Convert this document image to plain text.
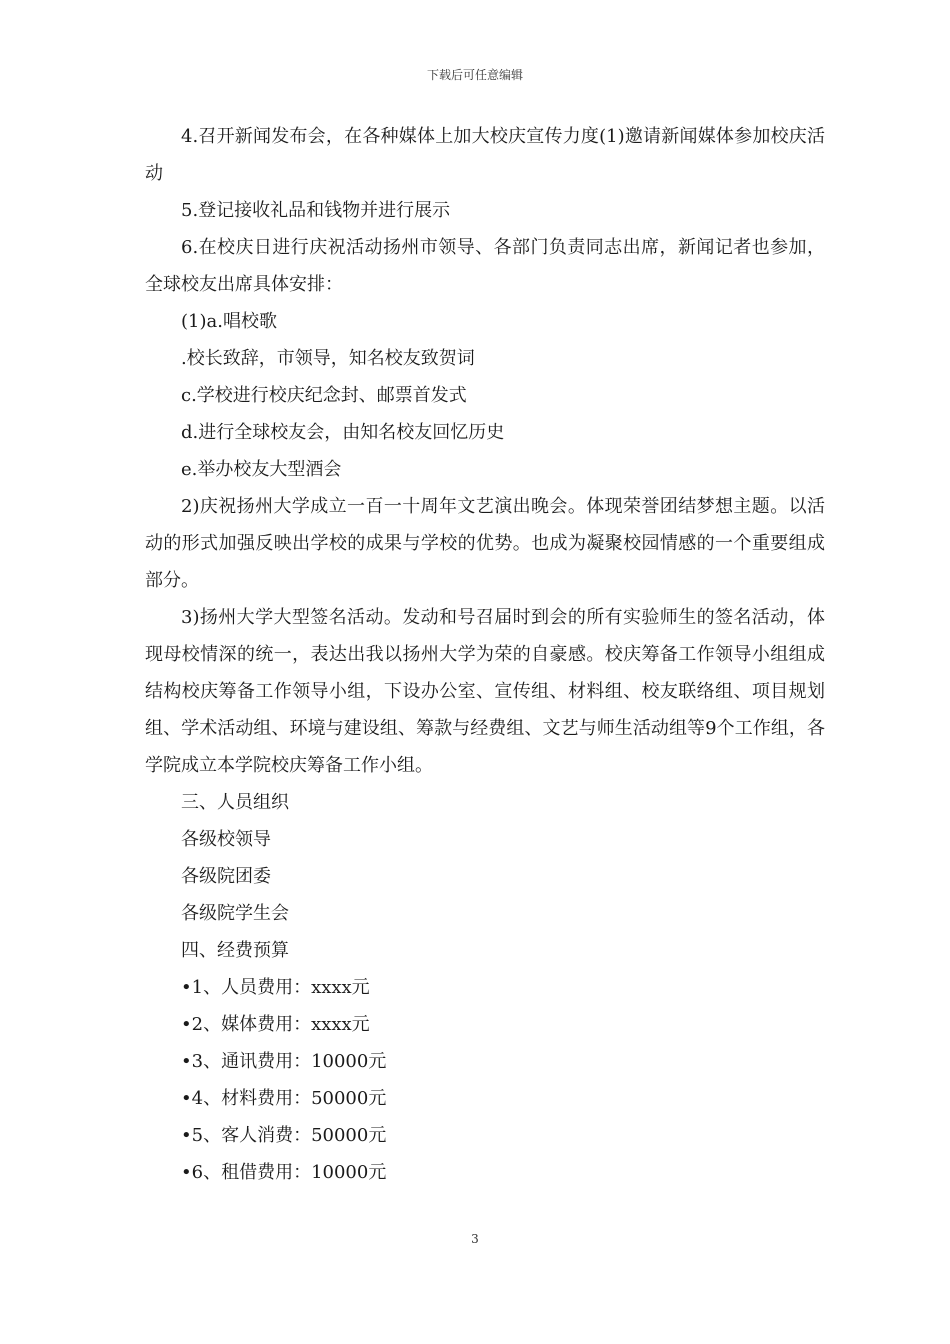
下载后可任意编辑

4.召开新闻发布会，在各种媒体上加大校庆宣传力度(1)邀请新闻媒体参加校庆活动

5.登记接收礼品和钱物并进行展示

6.在校庆日进行庆祝活动扬州市领导、各部门负责同志出席，新闻记者也参加，全球校友出席具体安排：

(1)a.唱校歌

.校长致辞，市领导，知名校友致贺词

c.学校进行校庆纪念封、邮票首发式

d.进行全球校友会，由知名校友回忆历史

e.举办校友大型酒会

2)庆祝扬州大学成立一百一十周年文艺演出晚会。体现荣誉团结梦想主题。以活动的形式加强反映出学校的成果与学校的优势。也成为凝聚校园情感的一个重要组成部分。

3)扬州大学大型签名活动。发动和号召届时到会的所有实验师生的签名活动，体现母校情深的统一，表达出我以扬州大学为荣的自豪感。校庆筹备工作领导小组组成结构校庆筹备工作领导小组，下设办公室、宣传组、材料组、校友联络组、项目规划组、学术活动组、环境与建设组、筹款与经费组、文艺与师生活动组等9个工作组，各学院成立本学院校庆筹备工作小组。

三、人员组织

各级校领导

各级院团委

各级院学生会

四、经费预算

•1、人员费用：xxxx元

•2、媒体费用：xxxx元

•3、通讯费用：10000元

•4、材料费用：50000元

•5、客人消费：50000元

•6、租借费用：10000元

3
